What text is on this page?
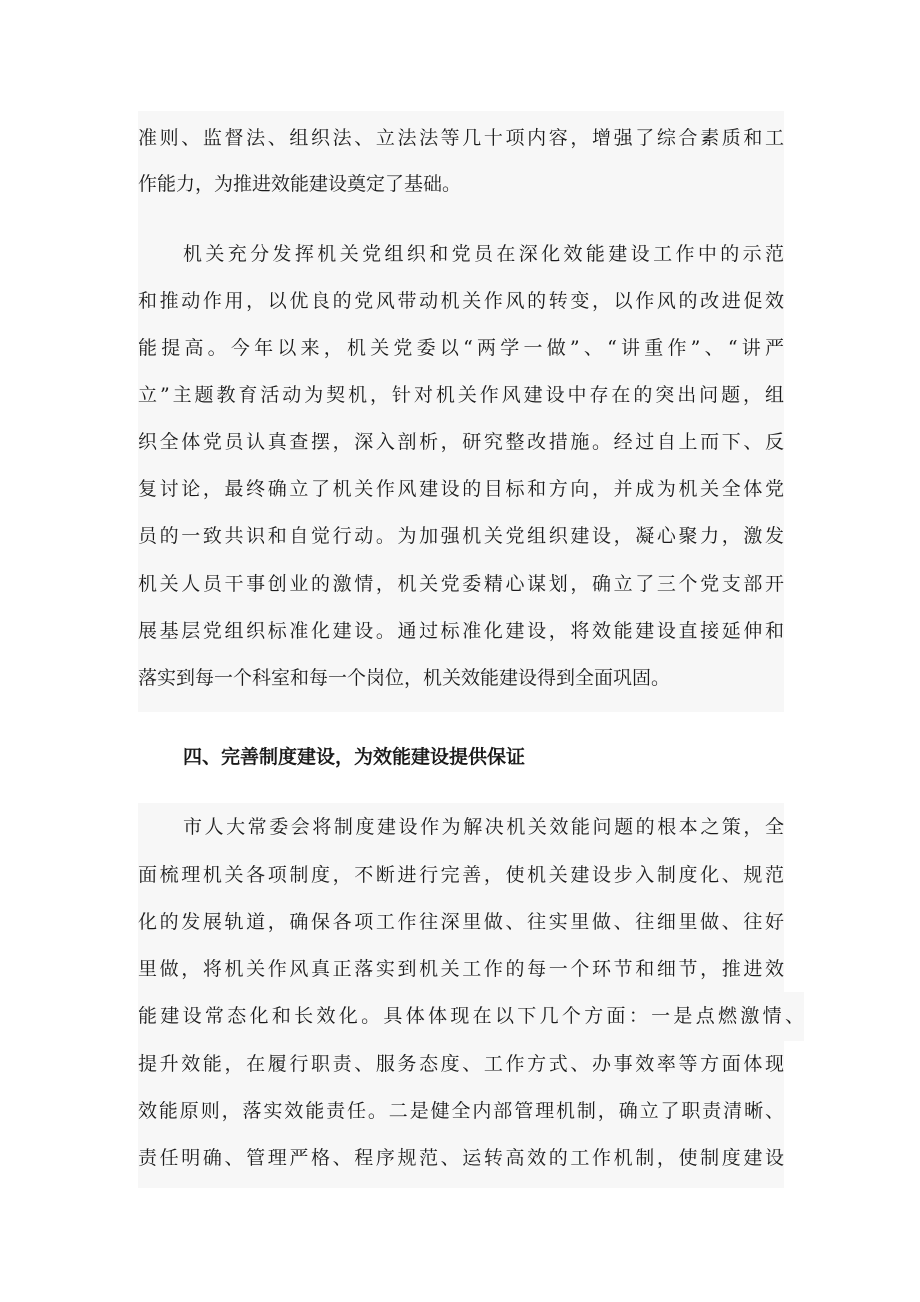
准则、监督法、组织法、立法法等几十项内容，增强了综合素质和工
作能力，为推进效能建设奠定了基础。
机关充分发挥机关党组织和党员在深化效能建设工作中的示范
和推动作用，以优良的党风带动机关作风的转变，以作风的改进促效
能提高。今年以来，机关党委以“两学一做”、“讲重作”、“讲严
立”主题教育活动为契机，针对机关作风建设中存在的突出问题，组
织全体党员认真查摆，深入剖析，研究整改措施。经过自上而下、反
复讨论，最终确立了机关作风建设的目标和方向，并成为机关全体党
员的一致共识和自觉行动。为加强机关党组织建设，凝心聚力，激发
机关人员干事创业的激情，机关党委精心谋划，确立了三个党支部开
展基层党组织标准化建设。通过标准化建设，将效能建设直接延伸和
落实到每一个科室和每一个岗位，机关效能建设得到全面巩固。
四、完善制度建设，为效能建设提供保证
市人大常委会将制度建设作为解决机关效能问题的根本之策，全
面梳理机关各项制度，不断进行完善，使机关建设步入制度化、规范
化的发展轨道，确保各项工作往深里做、往实里做、往细里做、往好
里做，将机关作风真正落实到机关工作的每一个环节和细节，推进效
能建设常态化和长效化。具体体现在以下几个方面：一是点燃激情、
提升效能，在履行职责、服务态度、工作方式、办事效率等方面体现
效能原则，落实效能责任。二是健全内部管理机制，确立了职责清晰、
责任明确、管理严格、程序规范、运转高效的工作机制，使制度建设
